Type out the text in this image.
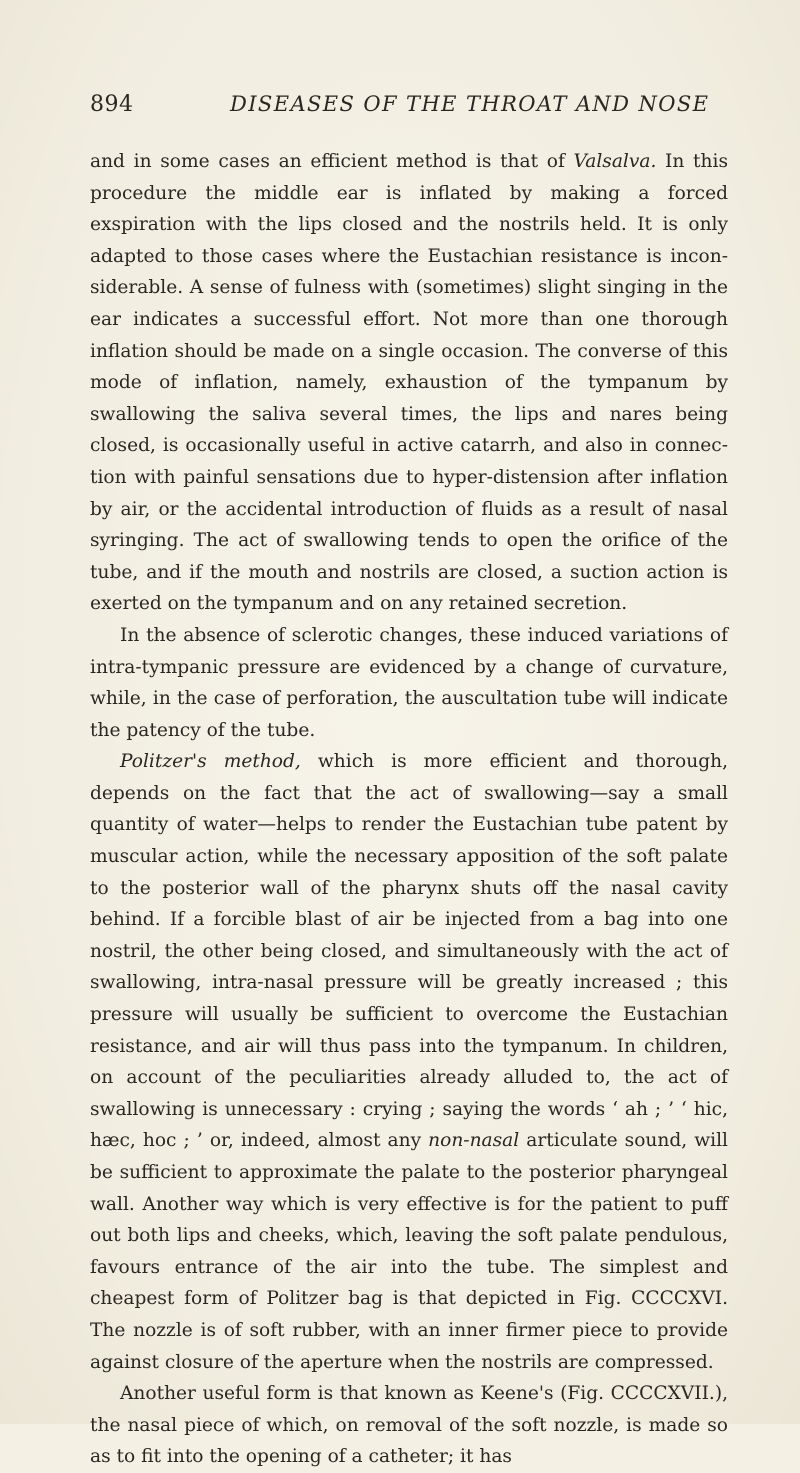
894	DISEASES OF THE THROAT AND NOSE

and in some cases an efficient method is that of Valsalva. In this procedure the middle ear is inflated by making a forced exspiration with the lips closed and the nostrils held. It is only adapted to those cases where the Eustachian resistance is incon-siderable. A sense of fulness with (sometimes) slight singing in the ear indicates a successful effort. Not more than one thorough inflation should be made on a single occasion. The converse of this mode of inflation, namely, exhaustion of the tympanum by swallowing the saliva several times, the lips and nares being closed, is occasionally useful in active catarrh, and also in connec-tion with painful sensations due to hyper-distension after inflation by air, or the accidental introduction of fluids as a result of nasal syringing. The act of swallowing tends to open the orifice of the tube, and if the mouth and nostrils are closed, a suction action is exerted on the tympanum and on any retained secretion.

In the absence of sclerotic changes, these induced variations of intra-tympanic pressure are evidenced by a change of curvature, while, in the case of perforation, the auscultation tube will indicate the patency of the tube.

Politzer's method, which is more efficient and thorough, depends on the fact that the act of swallowing—say a small quantity of water—helps to render the Eustachian tube patent by muscular action, while the necessary apposition of the soft palate to the posterior wall of the pharynx shuts off the nasal cavity behind. If a forcible blast of air be injected from a bag into one nostril, the other being closed, and simultaneously with the act of swallowing, intra-nasal pressure will be greatly increased ; this pressure will usually be sufficient to overcome the Eustachian resistance, and air will thus pass into the tympanum. In children, on account of the peculiarities already alluded to, the act of swallowing is unnecessary : crying ; saying the words ‘ ah ; ’ ‘ hic, hæc, hoc ; ’ or, indeed, almost any non-nasal articulate sound, will be sufficient to approximate the palate to the posterior pharyngeal wall. Another way which is very effective is for the patient to puff out both lips and cheeks, which, leaving the soft palate pendulous, favours entrance of the air into the tube. The simplest and cheapest form of Politzer bag is that depicted in Fig. CCCCXVI. The nozzle is of soft rubber, with an inner firmer piece to provide against closure of the aperture when the nostrils are compressed.

Another useful form is that known as Keene's (Fig. CCCCXVII.), the nasal piece of which, on removal of the soft nozzle, is made so as to fit into the opening of a catheter; it has
